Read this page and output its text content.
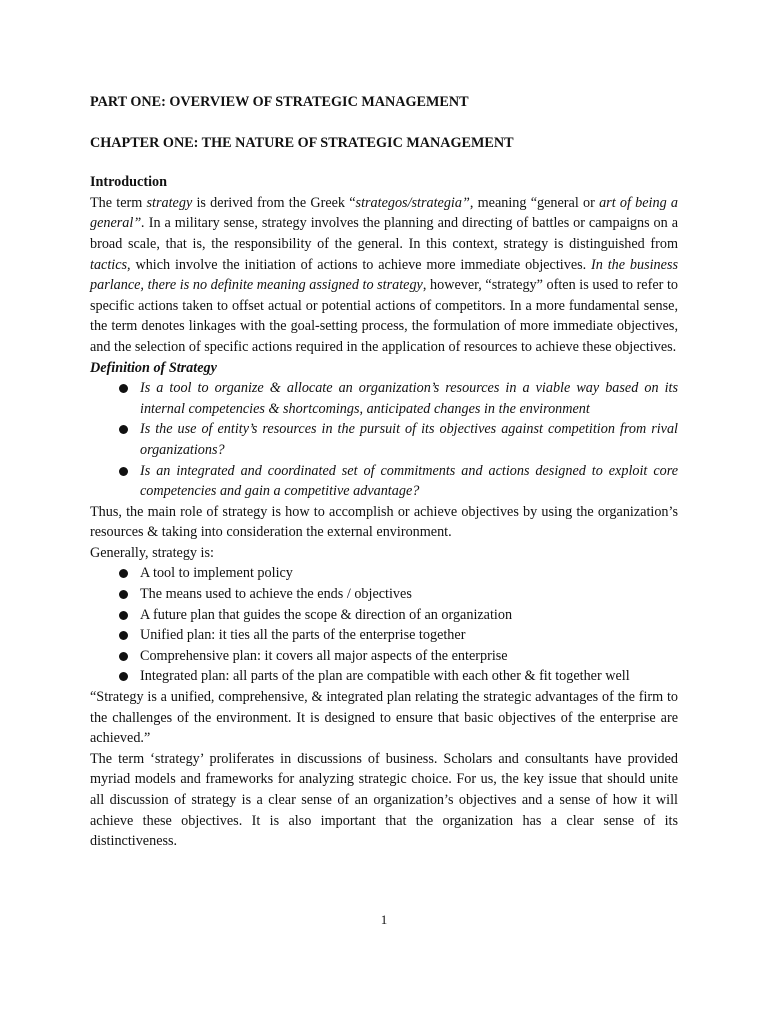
PART ONE: OVERVIEW OF STRATEGIC MANAGEMENT

CHAPTER ONE: THE NATURE OF STRATEGIC MANAGEMENT

Introduction

The term strategy is derived from the Greek “strategos/strategia”, meaning “general or art of being a general”. In a military sense, strategy involves the planning and directing of battles or campaigns on a broad scale, that is, the responsibility of the general. In this context, strategy is distinguished from tactics, which involve the initiation of actions to achieve more immediate objectives. In the business parlance, there is no definite meaning assigned to strategy, however, “strategy” often is used to refer to specific actions taken to offset actual or potential actions of competitors. In a more fundamental sense, the term denotes linkages with the goal-setting process, the formulation of more immediate objectives, and the selection of specific actions required in the application of resources to achieve these objectives.

Definition of Strategy

Is a tool to organize & allocate an organization’s resources in a viable way based on its internal competencies & shortcomings, anticipated changes in the environment
Is the use of entity’s resources in the pursuit of its objectives against competition from rival organizations?
Is an integrated and coordinated set of commitments and actions designed to exploit core competencies and gain a competitive advantage?

Thus, the main role of strategy is how to accomplish or achieve objectives by using the organization’s resources & taking into consideration the external environment.

Generally, strategy is:

A tool to implement policy
The means used to achieve the ends / objectives
A future plan that guides the scope & direction of an organization
Unified plan: it ties all the parts of the enterprise together
Comprehensive plan: it covers all major aspects of the enterprise
Integrated plan: all parts of the plan are compatible with each other & fit together well

“Strategy is a unified, comprehensive, & integrated plan relating the strategic advantages of the firm to the challenges of the environment. It is designed to ensure that basic objectives of the enterprise are achieved.”

The term ‘strategy’ proliferates in discussions of business. Scholars and consultants have provided myriad models and frameworks for analyzing strategic choice. For us, the key issue that should unite all discussion of strategy is a clear sense of an organization’s objectives and a sense of how it will achieve these objectives. It is also important that the organization has a clear sense of its distinctiveness.

1
